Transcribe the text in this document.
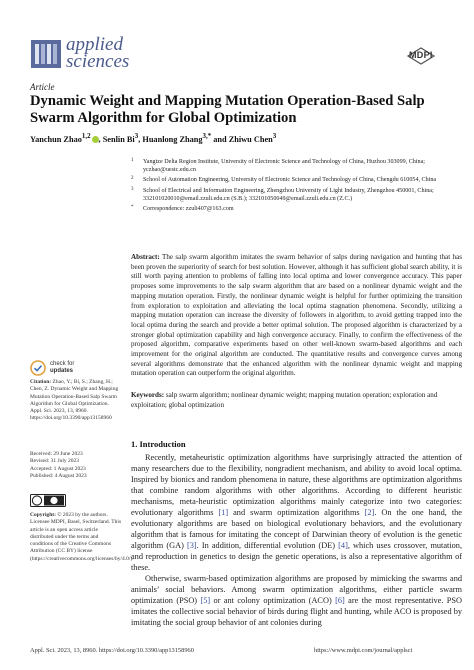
applied
sciences	MDPI
Article
Dynamic Weight and Mapping Mutation Operation-Based Salp Swarm Algorithm for Global Optimization
Yanchun Zhao$^{1,2}$ , Senlin Bi$^3$, Huanlong Zhang$^{3,*}$ and Zhiwu Chen$^3$
1 Yangtze Delta Region Institute, University of Electronic Science and Technology of China, Huzhou 303099, China; yczhao@uestc.edu.cn
2 School of Automation Engineering, University of Electronic Science and Technology of China, Chengdu 610054, China
3 School of Electrical and Information Engineering, Zhengzhou University of Light Industry, Zhengzhou 450001, China; 332101020010@email.zzuli.edu.cn (S.B.); 332101050049@email.zzuli.edu.cn (Z.C.)
* Correspondence: zzuli407@163.com
Abstract: The salp swarm algorithm imitates the swarm behavior of salps during navigation and hunting that has been proven the superiority of search for best solution. However, although it has sufficient global search ability, it is still worth paying attention to problems of falling into local optima and lower convergence accuracy. This paper proposes some improvements to the salp swarm algorithm that are based on a nonlinear dynamic weight and the mapping mutation operation. Firstly, the nonlinear dynamic weight is helpful for further optimizing the transition from exploration to exploitation and alleviating the local optima stagnation phenomena. Secondly, utilizing a mapping mutation operation can increase the diversity of followers in algorithm, to avoid getting trapped into the local optima during the search and provide a better optimal solution. The proposed algorithm is characterized by a stronger global optimization capability and high convergence accuracy. Finally, to confirm the effectiveness of the proposed algorithm, comparative experiments based on other well-known swarm-based algorithms and each improvement for the original algorithm are conducted. The quantitative results and convergence curves among several algorithms demonstrate that the enhanced algorithm with the nonlinear dynamic weight and mapping mutation operation can outperform the original algorithm.
Keywords: salp swarm algorithm; nonlinear dynamic weight; mapping mutation operation; exploration and exploitation; global optimization
check for
updates
Citation: Zhao, Y.; Bi, S.; Zhang, H.; Chen, Z. Dynamic Weight and Mapping Mutation Operation-Based Salp Swarm Algorithm for Global Optimization. Appl. Sci. 2023, 13, 8960. https://doi.org/10.3390/app13158960
Received: 29 June 2023
Revised: 31 July 2023
Accepted: 1 August 2023
Published: 4 August 2023
Copyright: © 2023 by the authors. Licensee MDPI, Basel, Switzerland. This article is an open access article distributed under the terms and conditions of the Creative Commons Attribution (CC BY) license (https://creativecommons.org/licenses/by/4.0/).
1. Introduction

Recently, metaheuristic optimization algorithms have surprisingly attracted the attention of many researchers due to the flexibility, nongradient mechanism, and ability to avoid local optima. Inspired by bionics and random phenomena in nature, these algorithms are optimization algorithms that combine random algorithms with other algorithms. According to different heuristic mechanisms, meta-heuristic optimization algorithms mainly categorize into two categories: evolutionary algorithms [1] and swarm optimization algorithms [2]. On the one hand, the evolutionary algorithms are based on biological evolutionary behaviors, and the evolutionary algorithm that is famous for imitating the concept of Darwinian theory of evolution is the genetic algorithm (GA) [3]. In addition, differential evolution (DE) [4], which uses crossover, mutation, and reproduction in genetics to design the genetic operations, is also a representative algorithm of these.

Otherwise, swarm-based optimization algorithms are proposed by mimicking the swarms and animals’ social behaviors. Among swarm optimization algorithms, either particle swarm optimization (PSO) [5] or ant colony optimization (ACO) [6] are the most representative. PSO imitates the collective social behavior of birds during flight and hunting, while ACO is proposed by imitating the social group behavior of ant colonies during

Appl. Sci. 2023, 13, 8960. https://doi.org/10.3390/app13158960	https://www.mdpi.com/journal/applsci
